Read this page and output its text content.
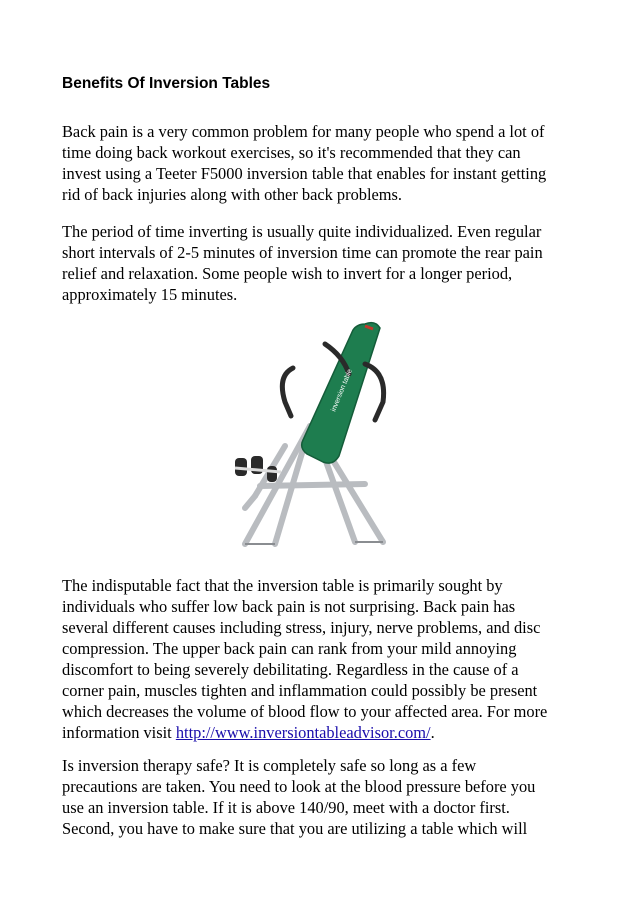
Benefits Of Inversion Tables
Back pain is a very common problem for many people who spend a lot of
time doing back workout exercises, so it's recommended that they can
invest using a Teeter F5000 inversion table that enables for instant getting
rid of back injuries along with other back problems.
The period of time inverting is usually quite individualized. Even regular
short intervals of 2-5 minutes of inversion time can promote the rear pain
relief and relaxation. Some people wish to invert for a longer period,
approximately 15 minutes.
inversion table
The indisputable fact that the inversion table is primarily sought by
individuals who suffer low back pain is not surprising. Back pain has
several different causes including stress, injury, nerve problems, and disc
compression. The upper back pain can rank from your mild annoying
discomfort to being severely debilitating. Regardless in the cause of a
corner pain, muscles tighten and inflammation could possibly be present
which decreases the volume of blood flow to your affected area. For more
information visit http://www.inversiontableadvisor.com/.
Is inversion therapy safe? It is completely safe so long as a few
precautions are taken. You need to look at the blood pressure before you
use an inversion table. If it is above 140/90, meet with a doctor first.
Second, you have to make sure that you are utilizing a table which will
